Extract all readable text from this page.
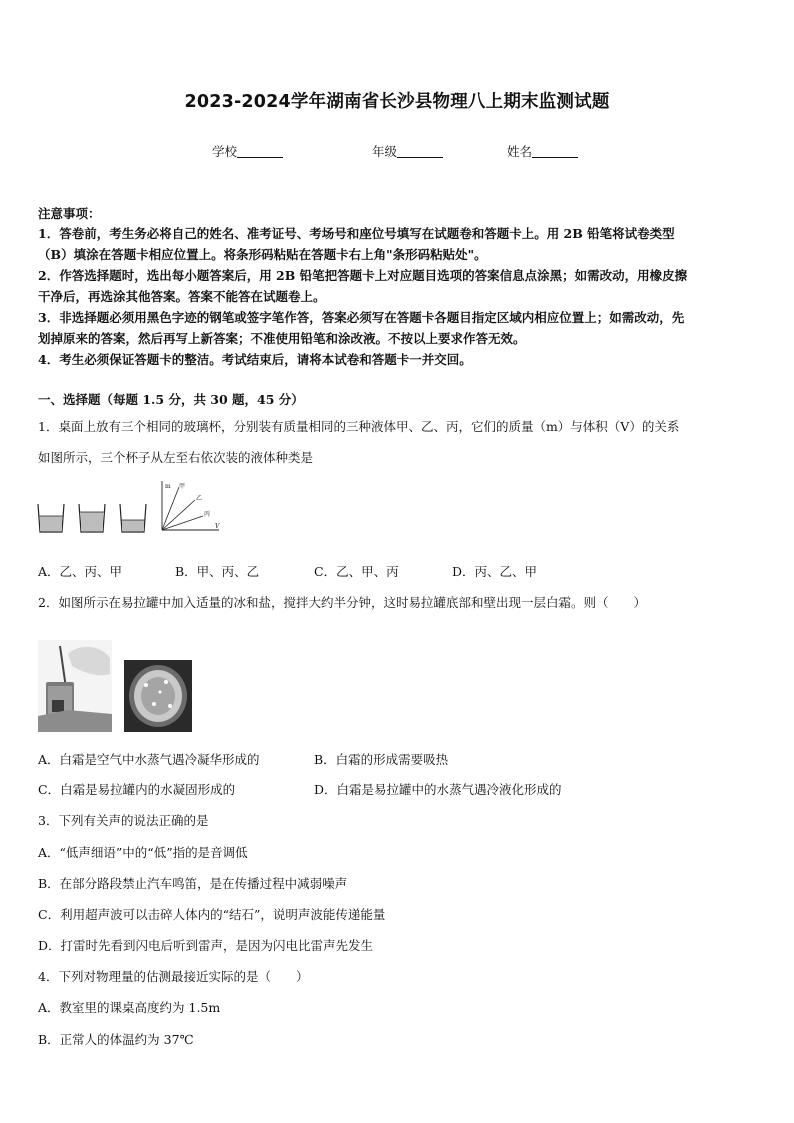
2023-2024学年湖南省长沙县物理八上期末监测试题
学校	年级	姓名
注意事项：
1．答卷前，考生务必将自己的姓名、准考证号、考场号和座位号填写在试题卷和答题卡上。用 2B 铅笔将试卷类型
（B）填涂在答题卡相应位置上。将条形码粘贴在答题卡右上角"条形码粘贴处"。
2．作答选择题时，选出每小题答案后，用 2B 铅笔把答题卡上对应题目选项的答案信息点涂黑；如需改动，用橡皮擦
干净后，再选涂其他答案。答案不能答在试题卷上。
3．非选择题必须用黑色字迹的钢笔或签字笔作答，答案必须写在答题卡各题目指定区域内相应位置上；如需改动，先
划掉原来的答案，然后再写上新答案；不准使用铅笔和涂改液。不按以上要求作答无效。
4．考生必须保证答题卡的整洁。考试结束后，请将本试卷和答题卡一并交回。
一、选择题（每题 1.5 分，共 30 题，45 分）
1．桌面上放有三个相同的玻璃杯，分别装有质量相同的三种液体甲、乙、丙，它们的质量（m）与体积（V）的关系
如图所示，三个杯子从左至右依次装的液体种类是
m
V
甲
乙
丙
A．乙、丙、甲	B．甲、丙、乙	C．乙、甲、丙	D．丙、乙、甲
2．如图所示在易拉罐中加入适量的冰和盐，搅拌大约半分钟，这时易拉罐底部和壁出现一层白霜。则（　　）
A．白霜是空气中水蒸气遇冷凝华形成的	B．白霜的形成需要吸热
C．白霜是易拉罐内的水凝固形成的	D．白霜是易拉罐中的水蒸气遇冷液化形成的
3．下列有关声的说法正确的是
A．“低声细语”中的“低”指的是音调低
B．在部分路段禁止汽车鸣笛，是在传播过程中减弱噪声
C．利用超声波可以击碎人体内的“结石”，说明声波能传递能量
D．打雷时先看到闪电后听到雷声，是因为闪电比雷声先发生
4．下列对物理量的估测最接近实际的是（　　）
A．教室里的课桌高度约为 1.5m
B．正常人的体温约为 37℃
